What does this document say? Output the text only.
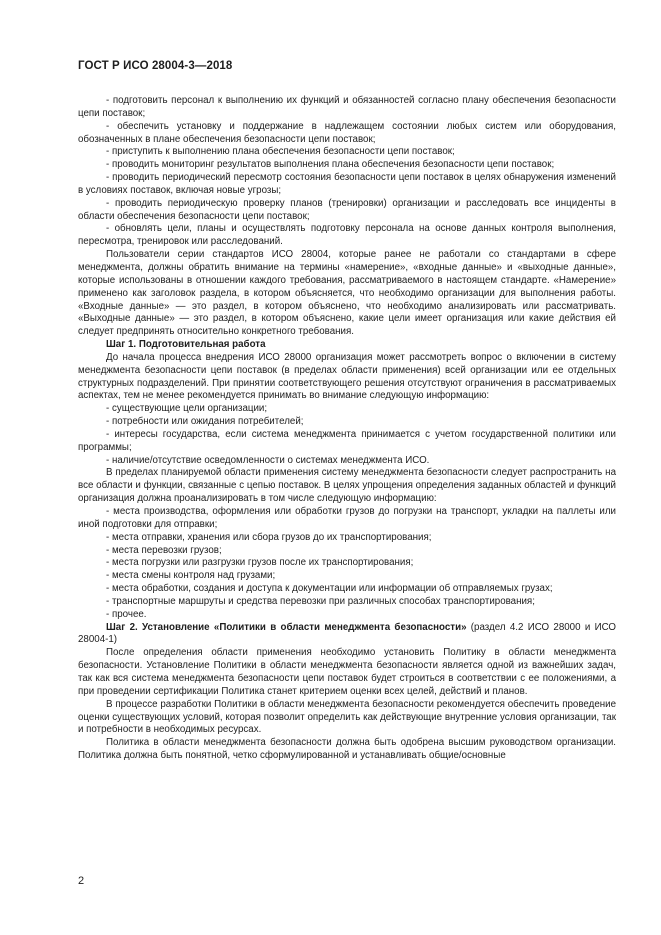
ГОСТ Р ИСО 28004-3—2018

- подготовить персонал к выполнению их функций и обязанностей согласно плану обеспечения безопасности цепи поставок;

- обеспечить установку и поддержание в надлежащем состоянии любых систем или оборудования, обозначенных в плане обеспечения безопасности цепи поставок;

- приступить к выполнению плана обеспечения безопасности цепи поставок;

- проводить мониторинг результатов выполнения плана обеспечения безопасности цепи поставок;

- проводить периодический пересмотр состояния безопасности цепи поставок в целях обнаружения изменений в условиях поставок, включая новые угрозы;

- проводить периодическую проверку планов (тренировки) организации и расследовать все инциденты в области обеспечения безопасности цепи поставок;

- обновлять цели, планы и осуществлять подготовку персонала на основе данных контроля выполнения, пересмотра, тренировок или расследований.

Пользователи серии стандартов ИСО 28004, которые ранее не работали со стандартами в сфере менеджмента, должны обратить внимание на термины «намерение», «входные данные» и «выходные данные», которые использованы в отношении каждого требования, рассматриваемого в настоящем стандарте. «Намерение» применено как заголовок раздела, в котором объясняется, что необходимо организации для выполнения работы. «Входные данные» — это раздел, в котором объяснено, что необходимо анализировать или рассматривать. «Выходные данные» — это раздел, в котором объяснено, какие цели имеет организация или какие действия ей следует предпринять относительно конкретного требования.

Шаг 1. Подготовительная работа

До начала процесса внедрения ИСО 28000 организация может рассмотреть вопрос о включении в систему менеджмента безопасности цепи поставок (в пределах области применения) всей организации или ее отдельных структурных подразделений. При принятии соответствующего решения отсутствуют ограничения в рассматриваемых аспектах, тем не менее рекомендуется принимать во внимание следующую информацию:

- существующие цели организации;

- потребности или ожидания потребителей;

- интересы государства, если система менеджмента принимается с учетом государственной политики или программы;

- наличие/отсутствие осведомленности о системах менеджмента ИСО.

В пределах планируемой области применения систему менеджмента безопасности следует распространить на все области и функции, связанные с цепью поставок. В целях упрощения определения заданных областей и функций организация должна проанализировать в том числе следующую информацию:

- места производства, оформления или обработки грузов до погрузки на транспорт, укладки на паллеты или иной подготовки для отправки;

- места отправки, хранения или сбора грузов до их транспортирования;

- места перевозки грузов;

- места погрузки или разгрузки грузов после их транспортирования;

- места смены контроля над грузами;

- места обработки, создания и доступа к документации или информации об отправляемых грузах;

- транспортные маршруты и средства перевозки при различных способах транспортирования;

- прочее.

Шаг 2. Установление «Политики в области менеджмента безопасности» (раздел 4.2 ИСО 28000 и ИСО 28004-1)

После определения области применения необходимо установить Политику в области менеджмента безопасности. Установление Политики в области менеджмента безопасности является одной из важнейших задач, так как вся система менеджмента безопасности цепи поставок будет строиться в соответствии с ее положениями, а при проведении сертификации Политика станет критерием оценки всех целей, действий и планов.

В процессе разработки Политики в области менеджмента безопасности рекомендуется обеспечить проведение оценки существующих условий, которая позволит определить как действующие внутренние условия организации, так и потребности в необходимых ресурсах.

Политика в области менеджмента безопасности должна быть одобрена высшим руководством организации. Политика должна быть понятной, четко сформулированной и устанавливать общие/основные

2
